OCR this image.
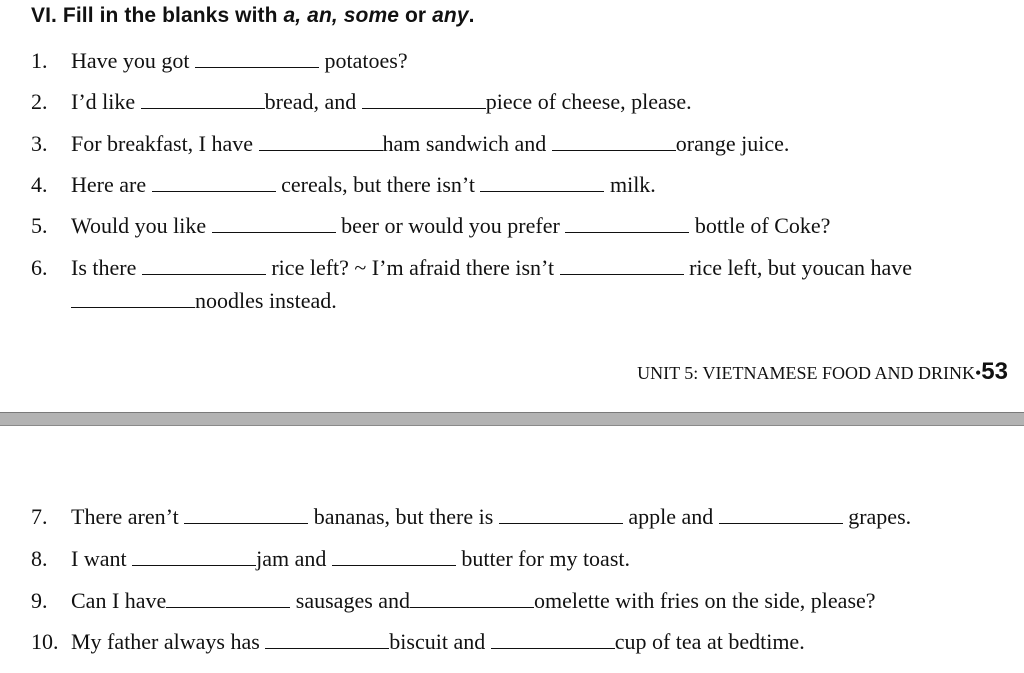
VI. Fill in the blanks with a, an, some or any.
1. Have you got	potatoes?
2. I’d like	bread, and	piece of cheese, please.
3. For breakfast, I have	ham sandwich and	orange juice.
4. Here are	cereals, but there isn’t	milk.
5. Would you like	beer or would you prefer	bottle of Coke?
6. Is there	rice left? ~ I’m afraid there isn’t	rice left, but youcan have
noodles instead.
UNIT 5: VIETNAMESE FOOD AND DRINK•53
7. There aren’t	bananas, but there is	apple and	grapes.
8. I want	jam and	butter for my toast.
9. Can I have	sausages and	omelette with fries on the side, please?
10. My father always has	biscuit and	cup of tea at bedtime.
